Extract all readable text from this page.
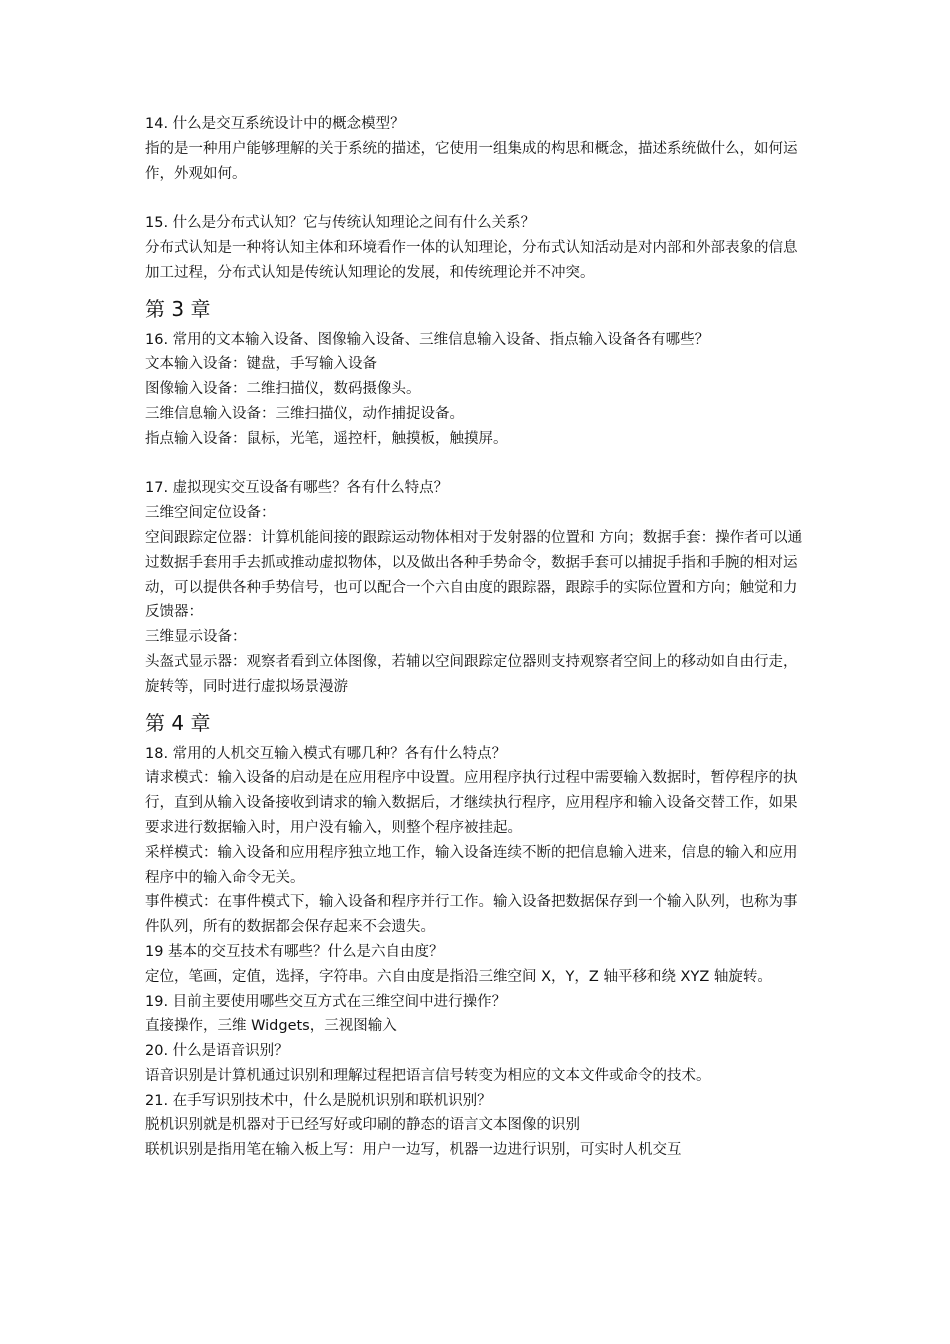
14. 什么是交互系统设计中的概念模型？

指的是一种用户能够理解的关于系统的描述，它使用一组集成的构思和概念，描述系统做什么，如何运作，外观如何。

15. 什么是分布式认知？它与传统认知理论之间有什么关系？

分布式认知是一种将认知主体和环境看作一体的认知理论，分布式认知活动是对内部和外部表象的信息加工过程，分布式认知是传统认知理论的发展，和传统理论并不冲突。

第 3 章

16. 常用的文本输入设备、图像输入设备、三维信息输入设备、指点输入设备各有哪些？

文本输入设备：键盘，手写输入设备

图像输入设备：二维扫描仪，数码摄像头。

三维信息输入设备：三维扫描仪，动作捕捉设备。

指点输入设备：鼠标，光笔，遥控杆，触摸板，触摸屏。

17. 虚拟现实交互设备有哪些？各有什么特点？

三维空间定位设备：

空间跟踪定位器：计算机能间接的跟踪运动物体相对于发射器的位置和 方向；数据手套：操作者可以通过数据手套用手去抓或推动虚拟物体，以及做出各种手势命令，数据手套可以捕捉手指和手腕的相对运动，可以提供各种手势信号，也可以配合一个六自由度的跟踪器，跟踪手的实际位置和方向；触觉和力反馈器：

三维显示设备：

头盔式显示器：观察者看到立体图像，若辅以空间跟踪定位器则支持观察者空间上的移动如自由行走，旋转等，同时进行虚拟场景漫游

第 4 章

18. 常用的人机交互输入模式有哪几种？各有什么特点？

请求模式：输入设备的启动是在应用程序中设置。应用程序执行过程中需要输入数据时，暂停程序的执行，直到从输入设备接收到请求的输入数据后，才继续执行程序，应用程序和输入设备交替工作，如果要求进行数据输入时，用户没有输入，则整个程序被挂起。

采样模式：输入设备和应用程序独立地工作，输入设备连续不断的把信息输入进来，信息的输入和应用程序中的输入命令无关。

事件模式：在事件模式下，输入设备和程序并行工作。输入设备把数据保存到一个输入队列，也称为事件队列，所有的数据都会保存起来不会遗失。

19 基本的交互技术有哪些？什么是六自由度？

定位，笔画，定值，选择，字符串。六自由度是指沿三维空间 X，Y，Z 轴平移和绕 XYZ 轴旋转。

19. 目前主要使用哪些交互方式在三维空间中进行操作？

直接操作，三维 Widgets，三视图输入

20. 什么是语音识别？

语音识别是计算机通过识别和理解过程把语言信号转变为相应的文本文件或命令的技术。

21. 在手写识别技术中，什么是脱机识别和联机识别？

脱机识别就是机器对于已经写好或印刷的静态的语言文本图像的识别

联机识别是指用笔在输入板上写：用户一边写，机器一边进行识别，可实时人机交互
